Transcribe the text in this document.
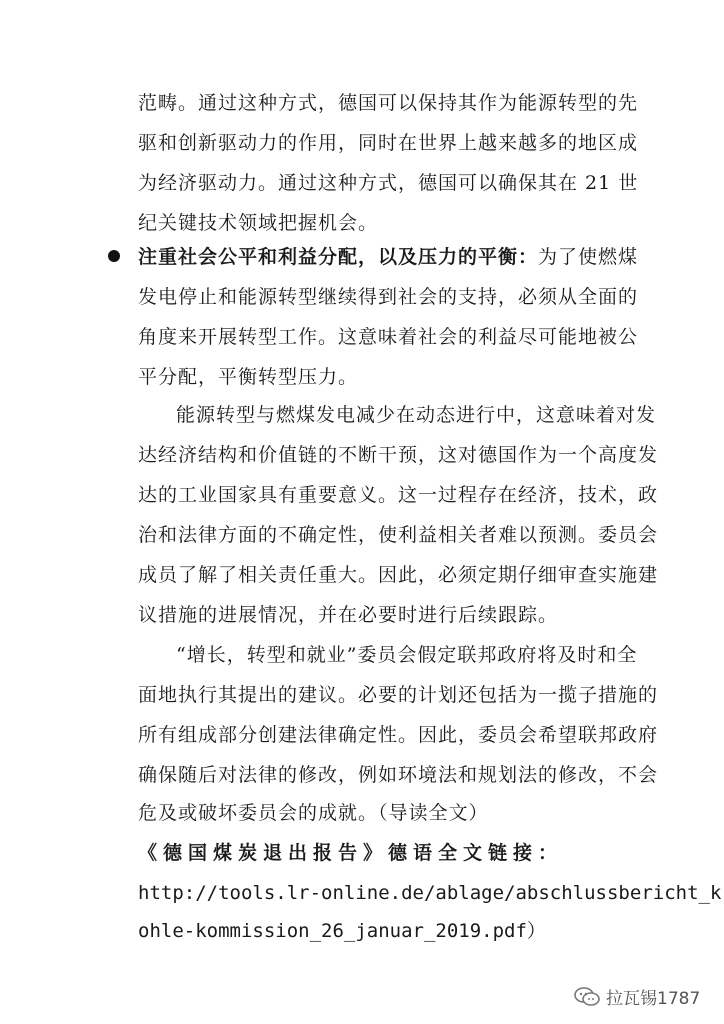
范畴。通过这种方式，德国可以保持其作为能源转型的先
驱和创新驱动力的作用，同时在世界上越来越多的地区成
为经济驱动力。通过这种方式，德国可以确保其在 21 世
纪关键技术领域把握机会。
注重社会公平和利益分配，以及压力的平衡：为了使燃煤
发电停止和能源转型继续得到社会的支持，必须从全面的
角度来开展转型工作。这意味着社会的利益尽可能地被公
平分配，平衡转型压力。
能源转型与燃煤发电减少在动态进行中，这意味着对发
达经济结构和价值链的不断干预，这对德国作为一个高度发
达的工业国家具有重要意义。这一过程存在经济，技术，政
治和法律方面的不确定性，使利益相关者难以预测。委员会
成员了解了相关责任重大。因此，必须定期仔细审查实施建
议措施的进展情况，并在必要时进行后续跟踪。
“增长，转型和就业”委员会假定联邦政府将及时和全
面地执行其提出的建议。必要的计划还包括为一揽子措施的
所有组成部分创建法律确定性。因此，委员会希望联邦政府
确保随后对法律的修改，例如环境法和规划法的修改，不会
危及或破坏委员会的成就。（导读全文）
《德国煤炭退出报告》德语全文链接：
http://tools.lr-online.de/ablage/abschlussbericht_k
ohle-kommission_26_januar_2019.pdf）
拉瓦锡1787
